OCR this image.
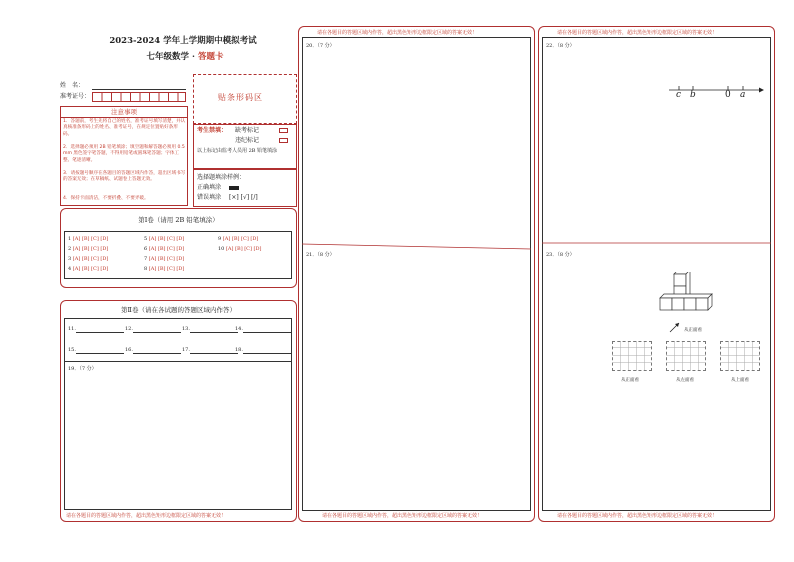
2023-2024 学年上学期期中模拟考试
七年级数学 · 答题卡
姓　名：
准考证号：	贴条形码区
注意事项
1．答题前，考生先将自己的姓名，准考证号填写清楚，并认真核准条形码上的姓名、准考证号，在规定位置贴好条形码。
2．选择题必须用 2B 铅笔填涂；填空题和解答题必须用 0.5 mm 黑色签字笔答题，不得用铅笔或圆珠笔答题；字体工整、笔迹清晰。
3．请按题号顺序在各题目的答题区域内作答，超出区域书写的答案无效；在草稿纸、试题卷上答题无效。
4．保持卡面清洁，不要折叠、不要弄破。
考生禁填： 缺考标记
违纪标记
以上标记由监考人员用 2B 铅笔填涂
选择题填涂样例：
正确填涂
错误填涂 [×] [√] [/]
第Ⅰ卷（请用 2B 铅笔填涂）
1 [A] [B] [C] [D]
2 [A] [B] [C] [D]
3 [A] [B] [C] [D]
4 [A] [B] [C] [D]
5 [A] [B] [C] [D]
6 [A] [B] [C] [D]
7 [A] [B] [C] [D]
8 [A] [B] [C] [D]
9 [A] [B] [C] [D]
10 [A] [B] [C] [D]
第Ⅱ卷（请在各试题的答题区域内作答）
11.	12.	13.	14.
15.	16.	17.	18.
19．（7 分）
请在各题目的答题区域内作答，超出黑色矩形边框限定区域的答案无效！
请在各题目的答题区域内作答，超出黑色矩形边框限定区域的答案无效！
20．（7 分）
21．（8 分）
请在各题目的答题区域内作答，超出黑色矩形边框限定区域的答案无效！
请在各题目的答题区域内作答，超出黑色矩形边框限定区域的答案无效！
22．（8 分）
c b	0 a
23．（8 分）
从正面看
从正面看	从左面看	从上面看
请在各题目的答题区域内作答，超出黑色矩形边框限定区域的答案无效！
